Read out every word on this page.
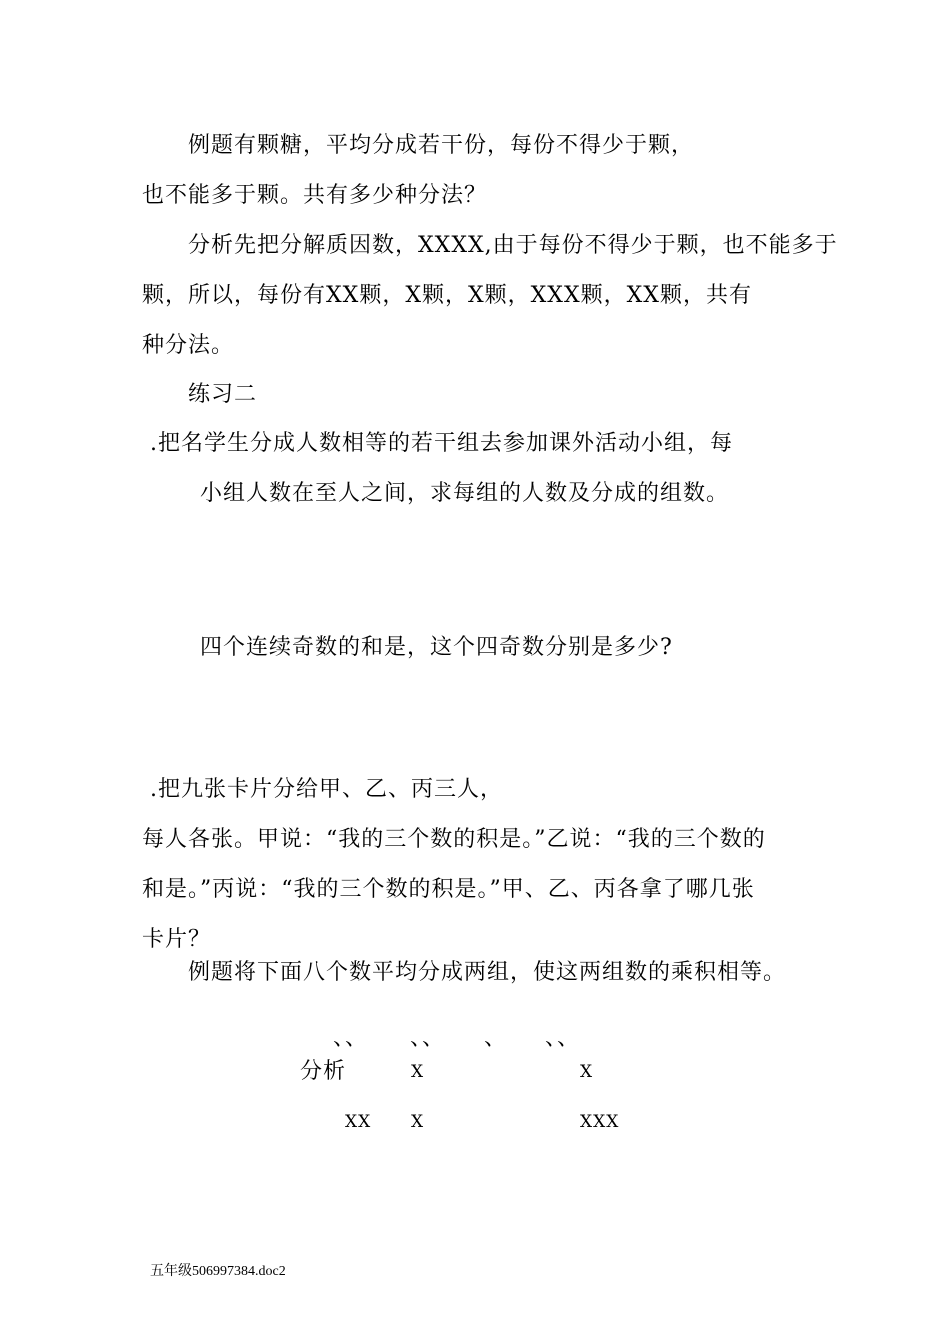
例题有颗糖，平均分成若干份，每份不得少于颗，
也不能多于颗。共有多少种分法？
分析先把分解质因数，XXXX,由于每份不得少于颗，也不能多于
颗，所以，每份有XX颗，X颗，X颗，XXX颗，XX颗，共有
种分法。
练习二
.把名学生分成人数相等的若干组去参加课外活动小组，每
小组人数在至人之间，求每组的人数及分成的组数。
四个连续奇数的和是，这个四奇数分别是多少?
.把九张卡片分给甲、乙、丙三人，
每人各张。甲说：“我的三个数的积是。”乙说：“我的三个数的
和是。”丙说：“我的三个数的积是。”甲、乙、丙各拿了哪几张
卡片？
例题将下面八个数平均分成两组，使这两组数的乘积相等。
、、 、、 、 、、
分析	X	X
XX X	XXX
五年级506997384.doc2
